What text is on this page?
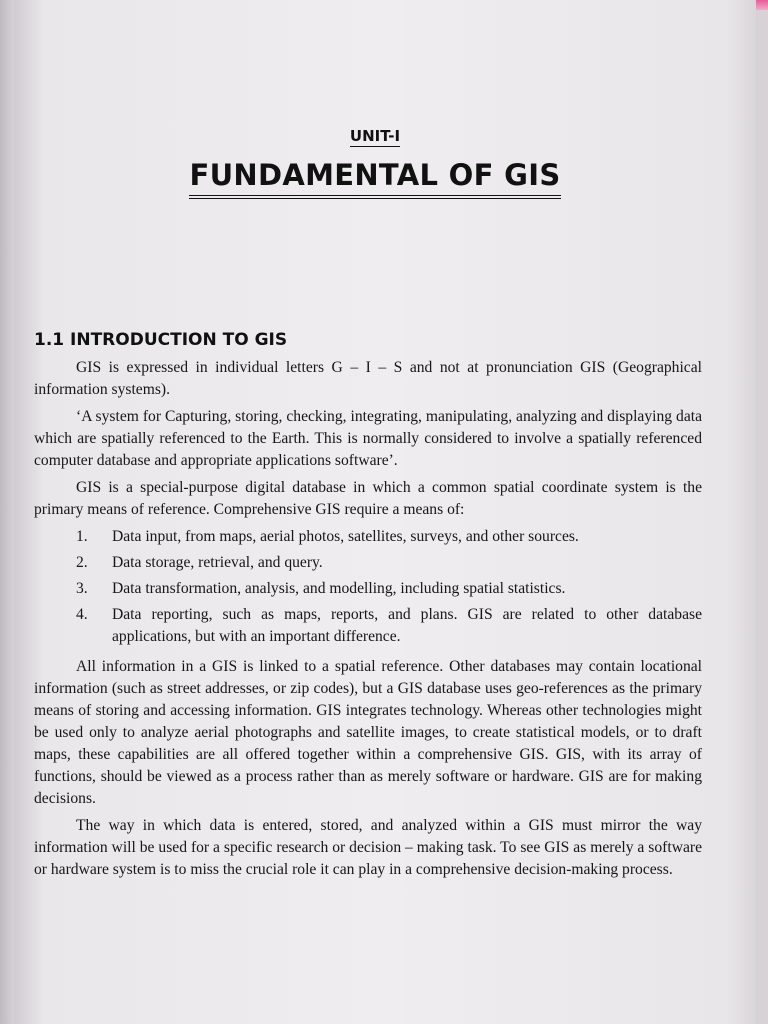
UNIT-I
FUNDAMENTAL OF GIS
1.1 INTRODUCTION TO GIS

GIS is expressed in individual letters G – I – S and not at pronunciation GIS (Geographical information systems).

‘A system for Capturing, storing, checking, integrating, manipulating, analyzing and displaying data which are spatially referenced to the Earth. This is normally considered to involve a spatially referenced computer database and appropriate applications software’.

GIS is a special-purpose digital database in which a common spatial coordinate system is the primary means of reference. Comprehensive GIS require a means of:

1.	Data input, from maps, aerial photos, satellites, surveys, and other sources.
2.	Data storage, retrieval, and query.
3.	Data transformation, analysis, and modelling, including spatial statistics.
4.	Data reporting, such as maps, reports, and plans. GIS are related to other database applications, but with an important difference.

All information in a GIS is linked to a spatial reference. Other databases may contain locational information (such as street addresses, or zip codes), but a GIS database uses geo-references as the primary means of storing and accessing information. GIS integrates technology. Whereas other technologies might be used only to analyze aerial photographs and satellite images, to create statistical models, or to draft maps, these capabilities are all offered together within a comprehensive GIS. GIS, with its array of functions, should be viewed as a process rather than as merely software or hardware. GIS are for making decisions.

The way in which data is entered, stored, and analyzed within a GIS must mirror the way information will be used for a specific research or decision – making task. To see GIS as merely a software or hardware system is to miss the crucial role it can play in a comprehensive decision-making process.
